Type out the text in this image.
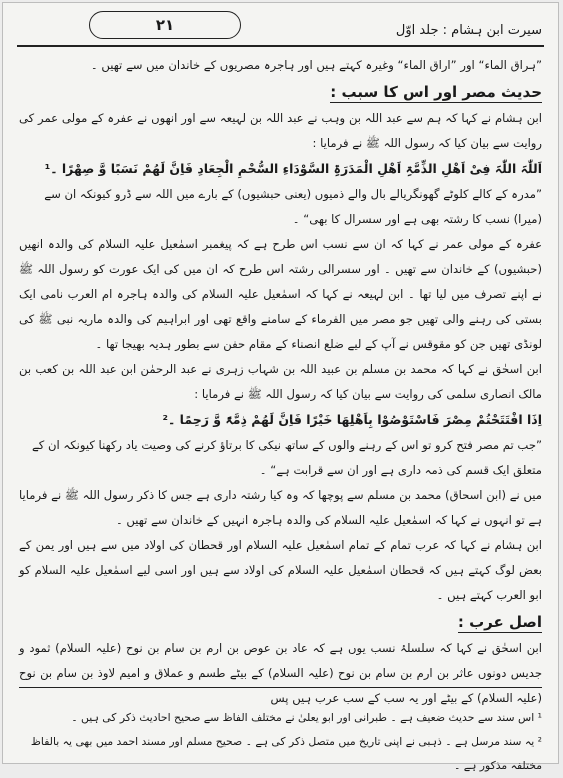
سیرت ابن ہشام : جلد اوّل
۲۱

”ہراق الماء“ اور ”اراق الماء“ وغیرہ کہتے ہیں اور ہاجرہ مصریوں کے خاندان میں سے تھیں ۔

حدیث مصر اور اس کا سبب :

ابن ہشام نے کہا کہ ہم سے عبد اللہ بن وہب نے عبد اللہ بن لہیعہ سے اور انھوں نے عفرہ کے مولی عمر کی روایت سے بیان کیا کہ رسول اللہ ﷺ نے فرمایا :

اَللّٰہَ اللّٰہَ فِیْ اَھْلِ الذِّمَّۃِ اَھْلِ الْمَدَرَۃِ السَّوْدَاءِ السُّحْمِ الْجِعَادِ فَاِنَّ لَھُمْ نَسَبًا وَّ صِھْرًا ۔¹
”مدرہ کے کالے کلوٹے گھونگریالے بال والے ذمیوں (یعنی حبشیوں) کے بارے میں اللہ سے ڈرو کیونکہ ان سے (میرا) نسب کا رشتہ بھی ہے اور سسرال کا بھی“ ۔

عفرہ کے مولی عمر نے کہا کہ ان سے نسب اس طرح ہے کہ پیغمبر اسمٰعیل علیہ السلام کی والدہ انھیں (حبشیوں) کے خاندان سے تھیں ۔ اور سسرالی رشتہ اس طرح کہ ان میں کی ایک عورت کو رسول اللہ ﷺ نے اپنے تصرف میں لیا تھا ۔ ابن لہیعہ نے کہا کہ اسمٰعیل علیہ السلام کی والدہ ہاجرہ ام العرب نامی ایک بستی کی رہنے والی تھیں جو مصر میں الفرماء کے سامنے واقع تھی اور ابراہیم کی والدہ ماریہ نبی ﷺ کی لونڈی تھیں جن کو مقوقس نے آپ کے لیے ضلع انصناء کے مقام حفن سے بطور ہدیہ بھیجا تھا ۔

ابن اسحٰق نے کہا کہ محمد بن مسلم بن عبید اللہ بن شہاب زہری نے عبد الرحمٰن ابن عبد اللہ بن کعب بن مالک انصاری سلمی کی روایت سے بیان کیا کہ رسول اللہ ﷺ نے فرمایا :

اِذَا افْتَتَحْتُمْ مِصْرَ فَاسْتَوْصُوْا بِاَھْلِھَا خَیْرًا فَاِنَّ لَھُمْ ذِمَّۃً وَّ رَحِمًا ۔²
”جب تم مصر فتح کرو تو اس کے رہنے والوں کے ساتھ نیکی کا برتاؤ کرنے کی وصیت یاد رکھنا کیونکہ ان کے متعلق ایک قسم کی ذمہ داری ہے اور ان سے قرابت ہے“ ۔

میں نے (ابن اسحاق) محمد بن مسلم سے پوچھا کہ وہ کیا رشتہ داری ہے جس کا ذکر رسول اللہ ﷺ نے فرمایا ہے تو انہوں نے کہا کہ اسمٰعیل علیہ السلام کی والدہ ہاجرہ انہیں کے خاندان سے تھیں ۔

ابن ہشام نے کہا کہ عرب تمام کے تمام اسمٰعیل علیہ السلام اور قحطان کی اولاد میں سے ہیں اور یمن کے بعض لوگ کہتے ہیں کہ قحطان اسمٰعیل علیہ السلام کی اولاد سے ہیں اور اسی لیے اسمٰعیل علیہ السلام کو ابو العرب کہتے ہیں ۔

اصل عرب :

ابن اسحٰق نے کہا کہ سلسلۂ نسب یوں ہے کہ عاد بن عوص بن ارم بن سام بن نوح (علیہ السلام) ثمود و جدیس دونوں عاثر بن ارم بن سام بن نوح (علیہ السلام) کے بیٹے طسم و عملاق و امیم لاوذ بن سام بن نوح (علیہ السلام) کے بیٹے اور یہ سب کے سب عرب ہیں پس

¹ اس سند سے حدیث ضعیف ہے ۔ طبرانی اور ابو یعلیٰ نے مختلف الفاظ سے صحیح احادیث ذکر کی ہیں ۔
² یہ سند مرسل ہے ۔ ذہبی نے اپنی تاریخ میں متصل ذکر کی ہے ۔ صحیح مسلم اور مسند احمد میں بھی یہ بالفاظ مختلفہ مذکور ہے ۔
